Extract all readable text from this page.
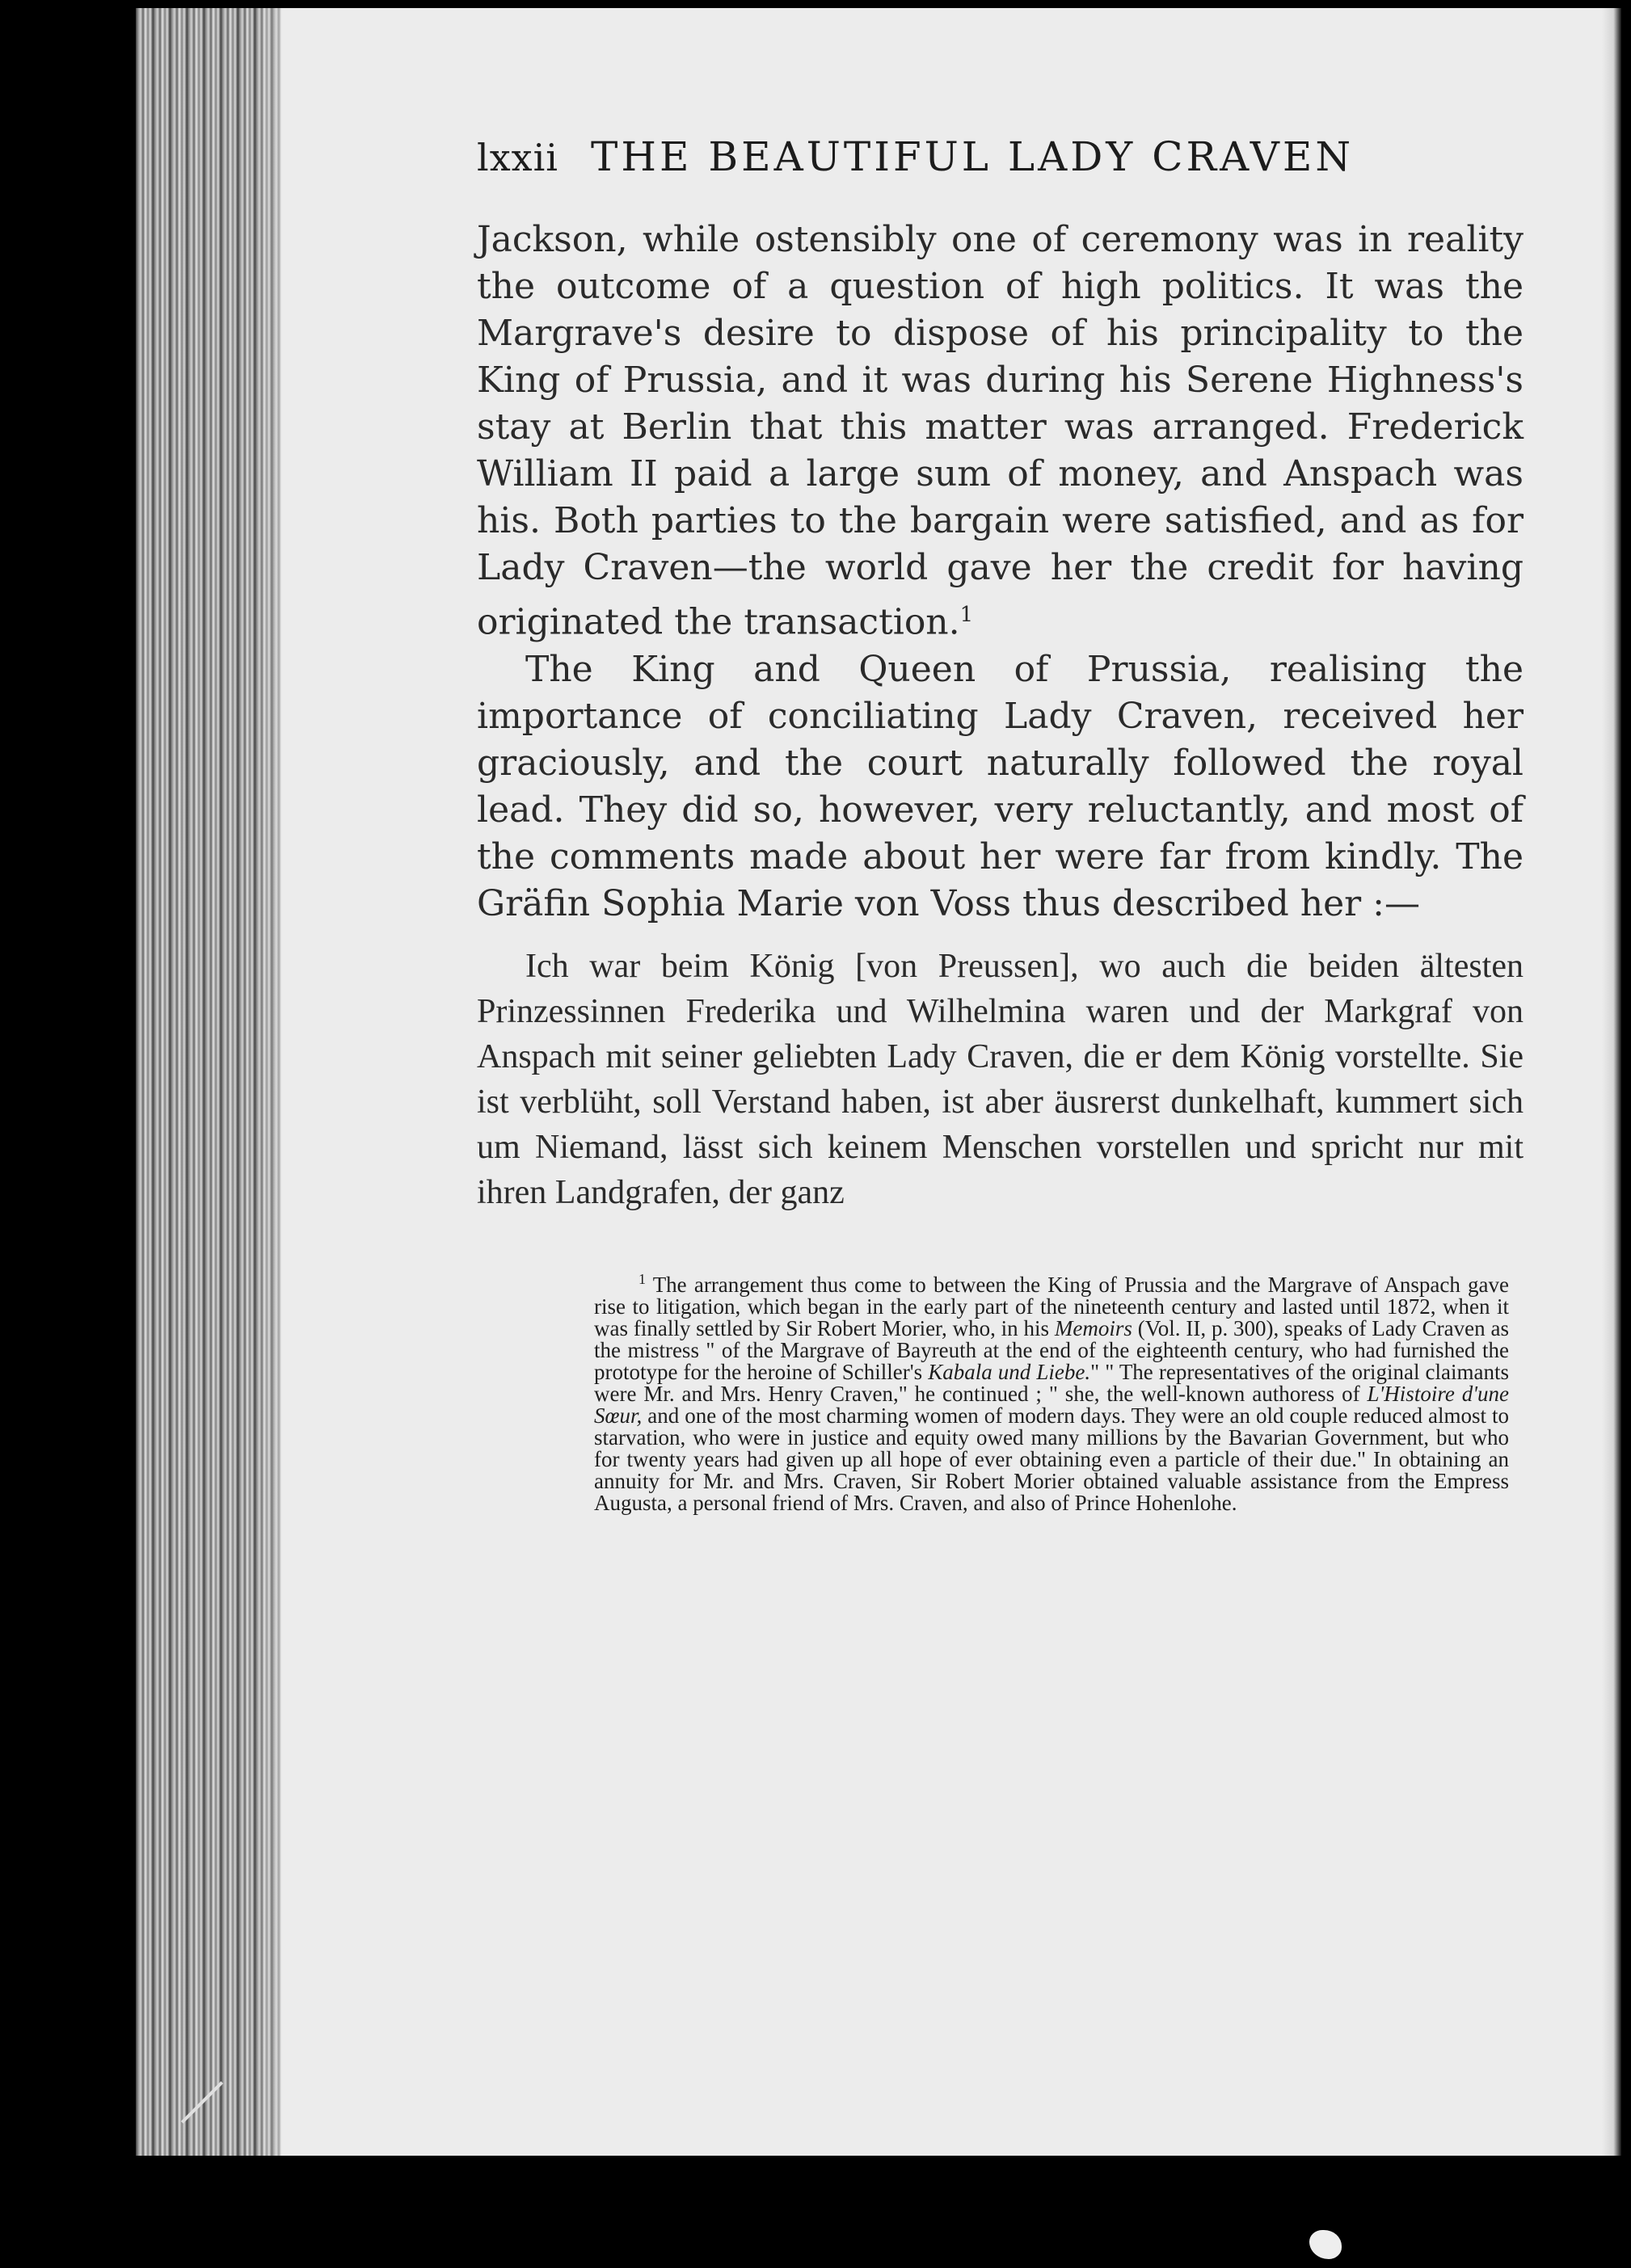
lxxii THE BEAUTIFUL LADY CRAVEN

Jackson, while ostensibly one of ceremony was in reality the outcome of a question of high politics. It was the Margrave's desire to dispose of his principality to the King of Prussia, and it was during his Serene Highness's stay at Berlin that this matter was arranged. Frederick William II paid a large sum of money, and Anspach was his. Both parties to the bargain were satisfied, and as for Lady Craven—the world gave her the credit for having originated the transaction.$^1$

The King and Queen of Prussia, realising the importance of conciliating Lady Craven, received her graciously, and the court naturally followed the royal lead. They did so, however, very reluctantly, and most of the comments made about her were far from kindly. The Gräfin Sophia Marie von Voss thus described her :—

Ich war beim König [von Preussen], wo auch die beiden ältesten Prinzessinnen Frederika und Wilhelmina waren und der Markgraf von Anspach mit seiner geliebten Lady Craven, die er dem König vorstellte. Sie ist verblüht, soll Verstand haben, ist aber äusrerst dunkelhaft, kummert sich um Niemand, lässt sich keinem Menschen vorstellen und spricht nur mit ihren Landgrafen, der ganz

$^1$ The arrangement thus come to between the King of Prussia and the Margrave of Anspach gave rise to litigation, which began in the early part of the nineteenth century and lasted until 1872, when it was finally settled by Sir Robert Morier, who, in his Memoirs (Vol. II, p. 300), speaks of Lady Craven as the mistress " of the Margrave of Bayreuth at the end of the eighteenth century, who had furnished the prototype for the heroine of Schiller's Kabala und Liebe." " The representatives of the original claimants were Mr. and Mrs. Henry Craven," he continued ; " she, the well-known authoress of L'Histoire d'une Sœur, and one of the most charming women of modern days. They were an old couple reduced almost to starvation, who were in justice and equity owed many millions by the Bavarian Government, but who for twenty years had given up all hope of ever obtaining even a particle of their due." In obtaining an annuity for Mr. and Mrs. Craven, Sir Robert Morier obtained valuable assistance from the Empress Augusta, a personal friend of Mrs. Craven, and also of Prince Hohenlohe.
